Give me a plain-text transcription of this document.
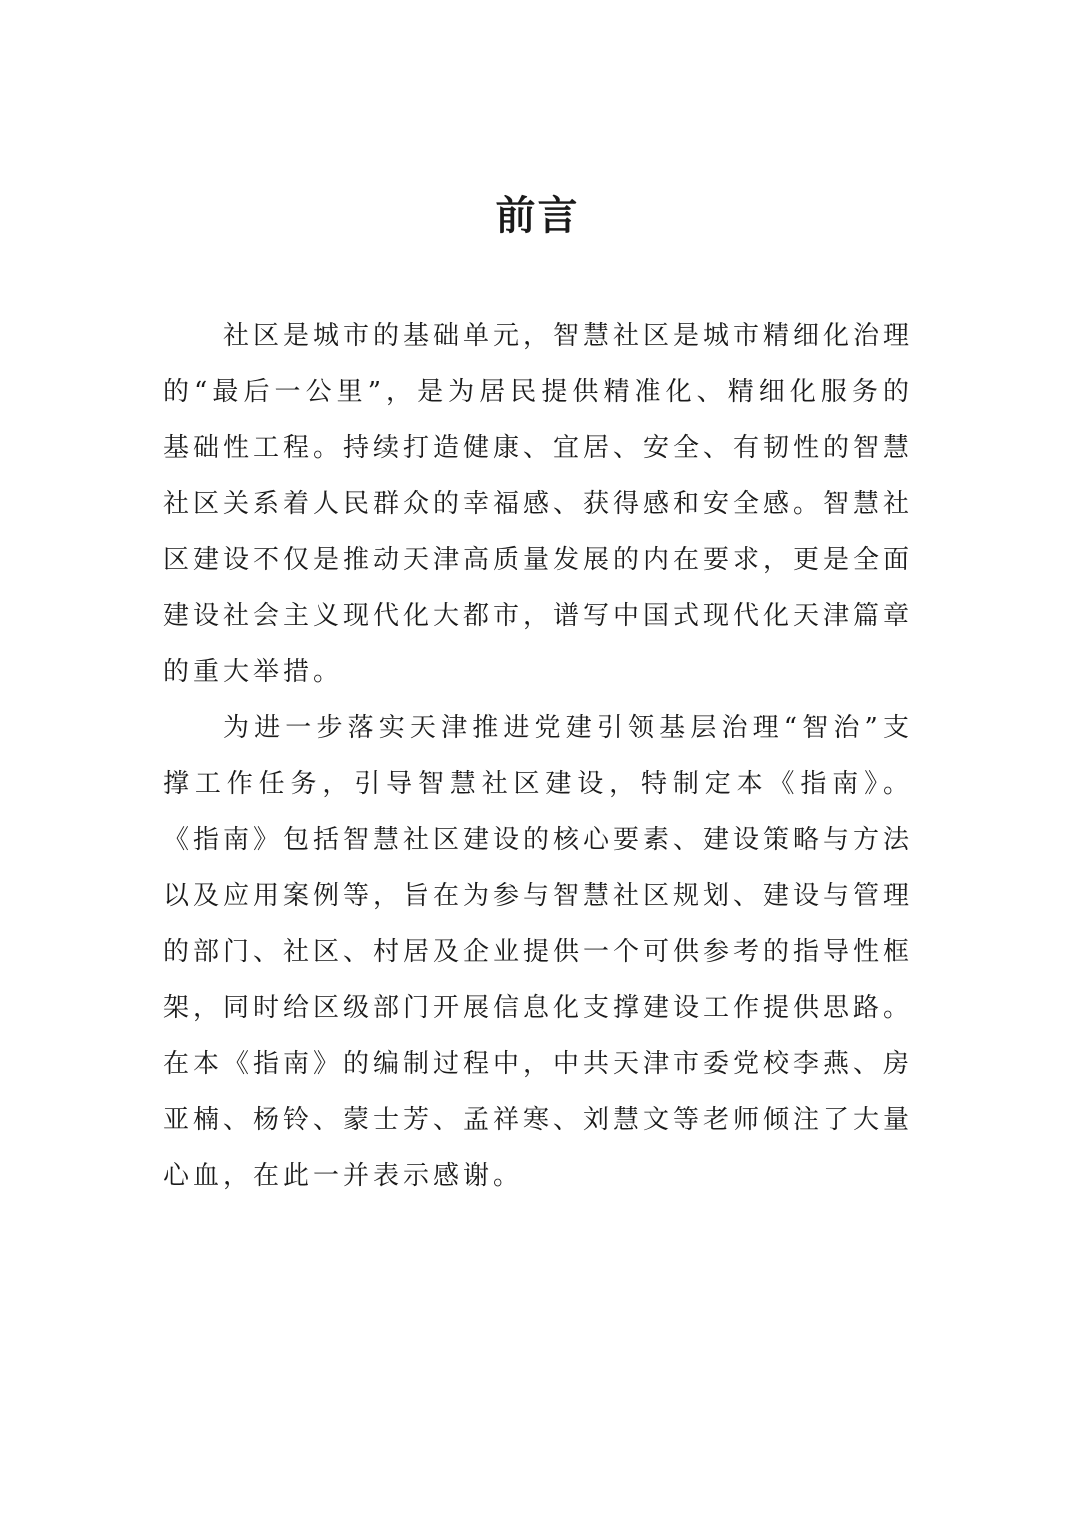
前言

社区是城市的基础单元，智慧社区是城市精细化治理的“最后一公里”，是为居民提供精准化、精细化服务的基础性工程。持续打造健康、宜居、安全、有韧性的智慧社区关系着人民群众的幸福感、获得感和安全感。智慧社区建设不仅是推动天津高质量发展的内在要求，更是全面建设社会主义现代化大都市，谱写中国式现代化天津篇章的重大举措。

为进一步落实天津推进党建引领基层治理“智治”支撑工作任务，引导智慧社区建设，特制定本《指南》。《指南》包括智慧社区建设的核心要素、建设策略与方法以及应用案例等，旨在为参与智慧社区规划、建设与管理的部门、社区、村居及企业提供一个可供参考的指导性框架，同时给区级部门开展信息化支撑建设工作提供思路。在本《指南》的编制过程中，中共天津市委党校李燕、房亚楠、杨铃、蒙士芳、孟祥寒、刘慧文等老师倾注了大量心血，在此一并表示感谢。
